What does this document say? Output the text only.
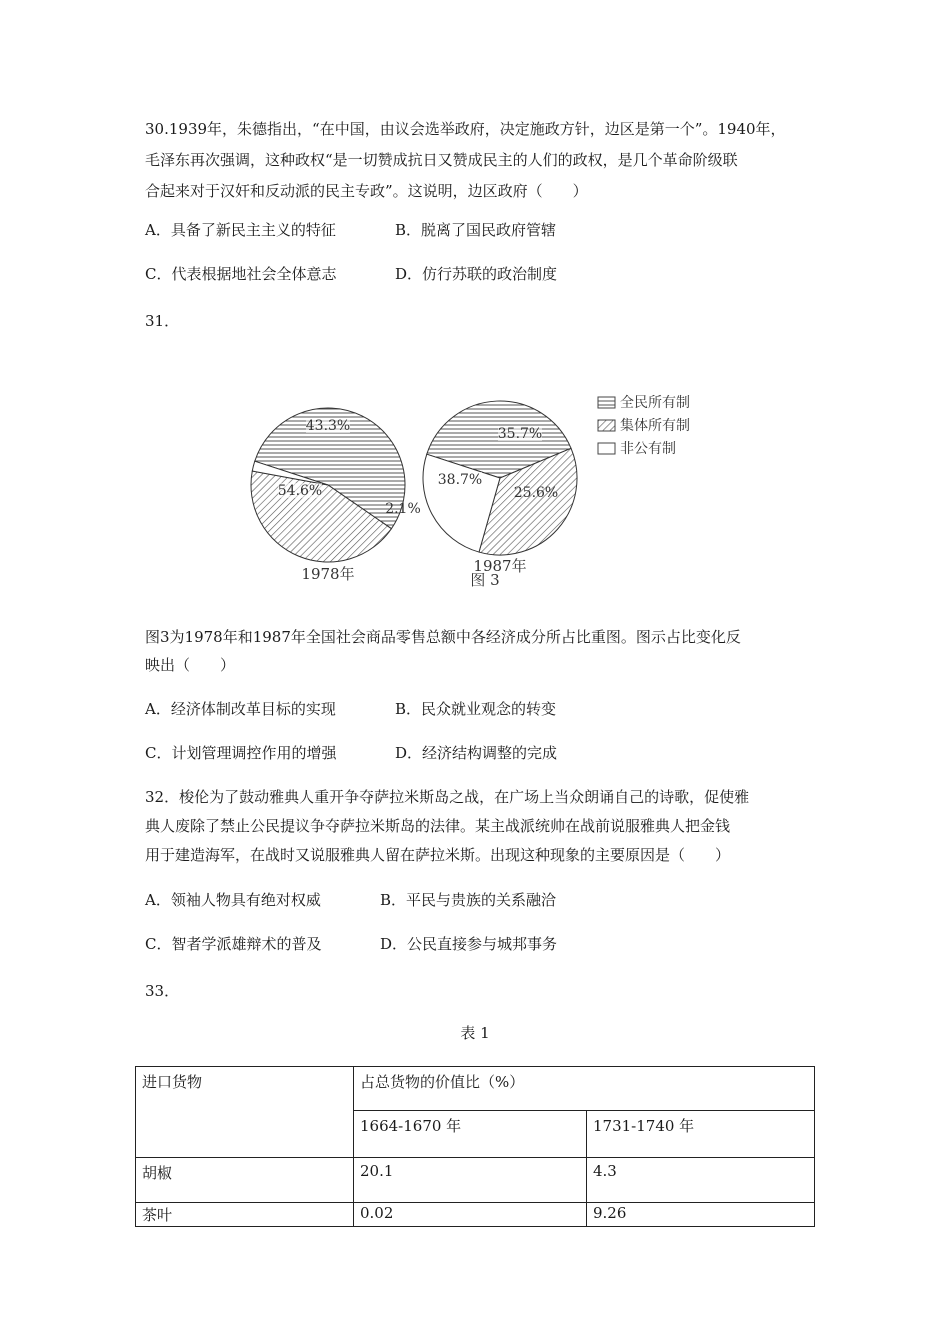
30.1939年，朱德指出，“在中国，由议会选举政府，决定施政方针，边区是第一个”。1940年，
毛泽东再次强调，这种政权“是一切赞成抗日又赞成民主的人们的政权，是几个革命阶级联
合起来对于汉奸和反动派的民主专政”。这说明，边区政府（　　）
A．具备了新民主主义的特征	B．脱离了国民政府管辖
C．代表根据地社会全体意志	D．仿行苏联的政治制度
31．
54.6%
43.3%
2.1%
1978年
38.7%
35.7%
25.6%
1987年
全民所有制
集体所有制
非公有制
图 3
图3为1978年和1987年全国社会商品零售总额中各经济成分所占比重图。图示占比变化反
映出（　　）
A．经济体制改革目标的实现	B．民众就业观念的转变
C．计划管理调控作用的增强	D．经济结构调整的完成
32．梭伦为了鼓动雅典人重开争夺萨拉米斯岛之战，在广场上当众朗诵自己的诗歌，促使雅
典人废除了禁止公民提议争夺萨拉米斯岛的法律。某主战派统帅在战前说服雅典人把金钱
用于建造海军，在战时又说服雅典人留在萨拉米斯。出现这种现象的主要原因是（　　）
A．领袖人物具有绝对权威	B．平民与贵族的关系融洽
C．智者学派雄辩术的普及	D．公民直接参与城邦事务
33．
表 1
进口货物	占总货物的价值比（%）	
	1664-1670 年	1731-1740 年
胡椒	20.1	4.3
茶叶	0.02	9.26
